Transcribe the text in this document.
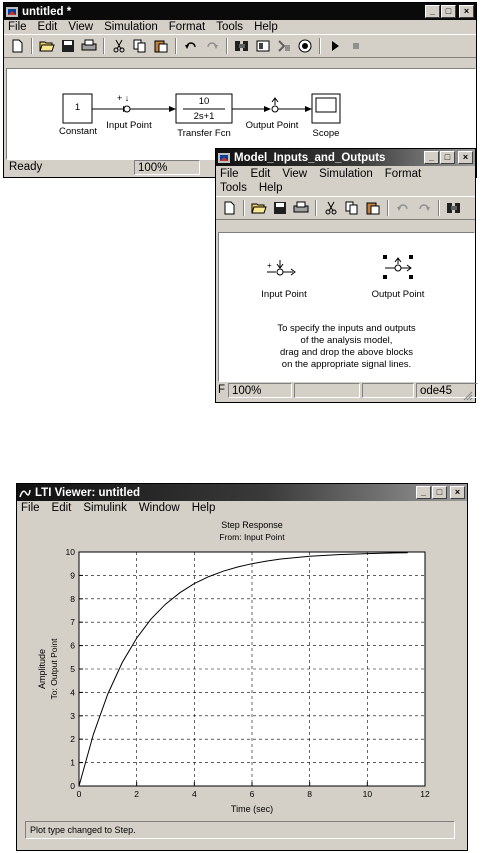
untitled *	_	□	×
File Edit View Simulation Format Tools Help
1
Constant
+ ↓
Input Point
10
2s+1
Transfer Fcn
Output Point
Scope
Ready	100%
Model_Inputs_and_Outputs	_	□	×
File Edit View Simulation Format
Tools Help
+
Input Point	Output Point
To specify the inputs and outputs
of the analysis model,
drag and drop the above blocks
on the appropriate signal lines.
F 100%	ode45
LTI Viewer: untitled	_	□	×
File Edit Simulink Window Help
0	2	4	6	8	10	12
0
1
2
3
4
5
6
7
8
9
10
Step Response
From: Input Point
Time (sec)
Amplitude To: Output Point
Plot type changed to Step.
